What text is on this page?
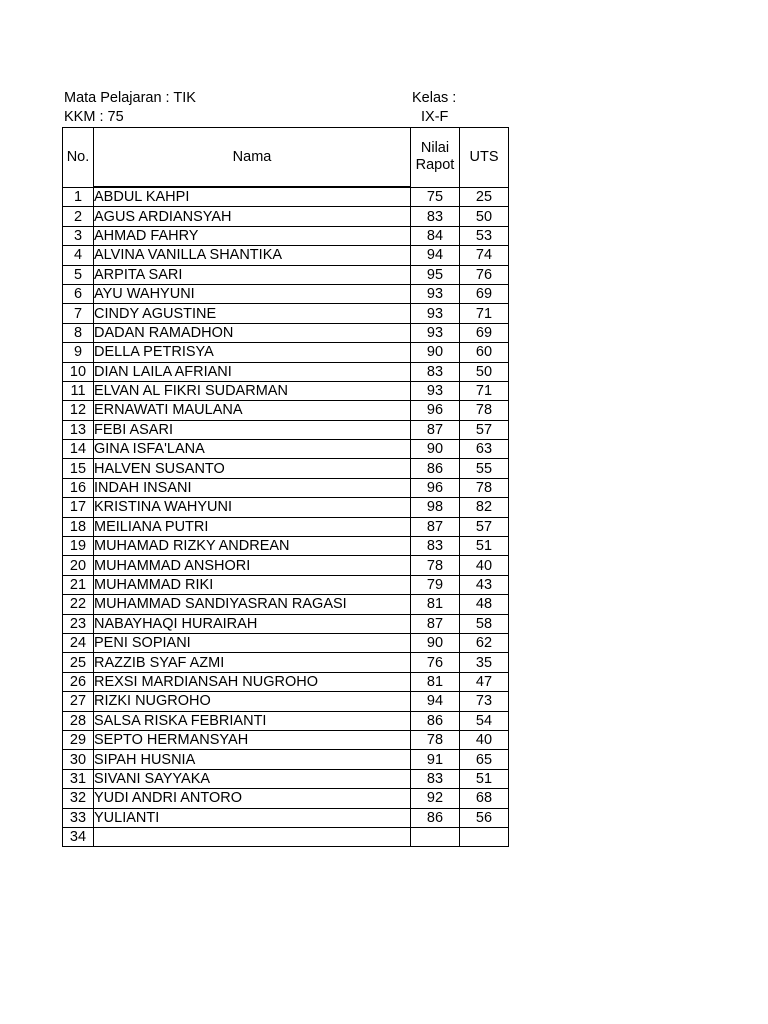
Mata Pelajaran : TIK
KKM : 75
Kelas :
IX-F
No.	Nama	Nilai Rapot	UTS
1	ABDUL KAHPI	75	25
2	AGUS ARDIANSYAH	83	50
3	AHMAD FAHRY	84	53
4	ALVINA VANILLA SHANTIKA	94	74
5	ARPITA SARI	95	76
6	AYU WAHYUNI	93	69
7	CINDY AGUSTINE	93	71
8	DADAN RAMADHON	93	69
9	DELLA PETRISYA	90	60
10	DIAN LAILA AFRIANI	83	50
11	ELVAN AL FIKRI SUDARMAN	93	71
12	ERNAWATI MAULANA	96	78
13	FEBI ASARI	87	57
14	GINA ISFA'LANA	90	63
15	HALVEN SUSANTO	86	55
16	INDAH INSANI	96	78
17	KRISTINA WAHYUNI	98	82
18	MEILIANA PUTRI	87	57
19	MUHAMAD RIZKY ANDREAN	83	51
20	MUHAMMAD ANSHORI	78	40
21	MUHAMMAD RIKI	79	43
22	MUHAMMAD SANDIYASRAN RAGASI	81	48
23	NABAYHAQI HURAIRAH	87	58
24	PENI SOPIANI	90	62
25	RAZZIB SYAF AZMI	76	35
26	REXSI MARDIANSAH NUGROHO	81	47
27	RIZKI NUGROHO	94	73
28	SALSA RISKA FEBRIANTI	86	54
29	SEPTO HERMANSYAH	78	40
30	SIPAH HUSNIA	91	65
31	SIVANI SAYYAKA	83	51
32	YUDI ANDRI ANTORO	92	68
33	YULIANTI	86	56
34			
